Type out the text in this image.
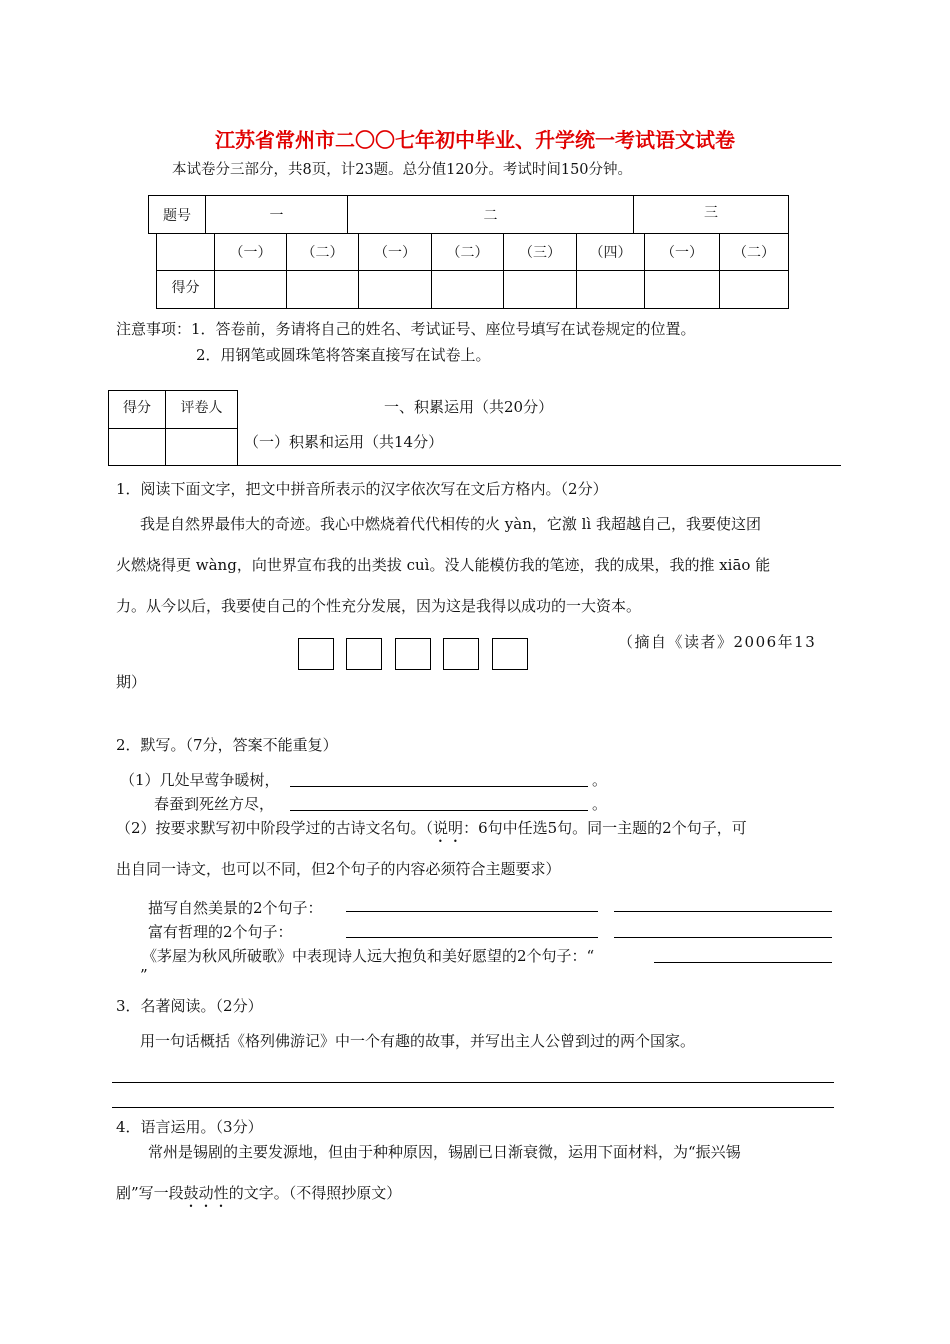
江苏省常州市二〇〇七年初中毕业、升学统一考试语文试卷
本试卷分三部分，共8页，计23题。总分值120分。考试时间150分钟。
题号	一	二	三
	（一）	（二）	（一）	（二）	（三）	（四）	（一）	（二）
得分								
注意事项：1．答卷前，务请将自己的姓名、考试证号、座位号填写在试卷规定的位置。
2．用钢笔或圆珠笔将答案直接写在试卷上。
得分	评卷人
		一、积累运用（共20分）
（一）积累和运用（共14分）
1．阅读下面文字，把文中拼音所表示的汉字依次写在文后方格内。（2分）
我是自然界最伟大的奇迹。我心中燃烧着代代相传的火 yàn，它激 lì 我超越自己，我要使这团
火燃烧得更 wàng，向世界宣布我的出类拔 cuì。没人能模仿我的笔迹，我的成果，我的推 xiāo 能
力。从今以后，我要使自己的个性充分发展，因为这是我得以成功的一大资本。
（摘自《读者》2006年13
期）
2．默写。（7分，答案不能重复）
（1）几处早莺争暖树，	。
春蚕到死丝方尽，	。
（2）按要求默写初中阶段学过的古诗文名句。（说明：6句中任选5句。同一主题的2个句子，可
出自同一诗文，也可以不同，但2个句子的内容必须符合主题要求）
描写自然美景的2个句子：
富有哲理的2个句子：
《茅屋为秋风所破歌》中表现诗人远大抱负和美好愿望的2个句子：“
”
3．名著阅读。（2分）
用一句话概括《格列佛游记》中一个有趣的故事，并写出主人公曾到过的两个国家。
4．语言运用。（3分）
常州是锡剧的主要发源地，但由于种种原因，锡剧已日渐衰微，运用下面材料，为“振兴锡
剧”写一段鼓动性的文字。（不得照抄原文）
